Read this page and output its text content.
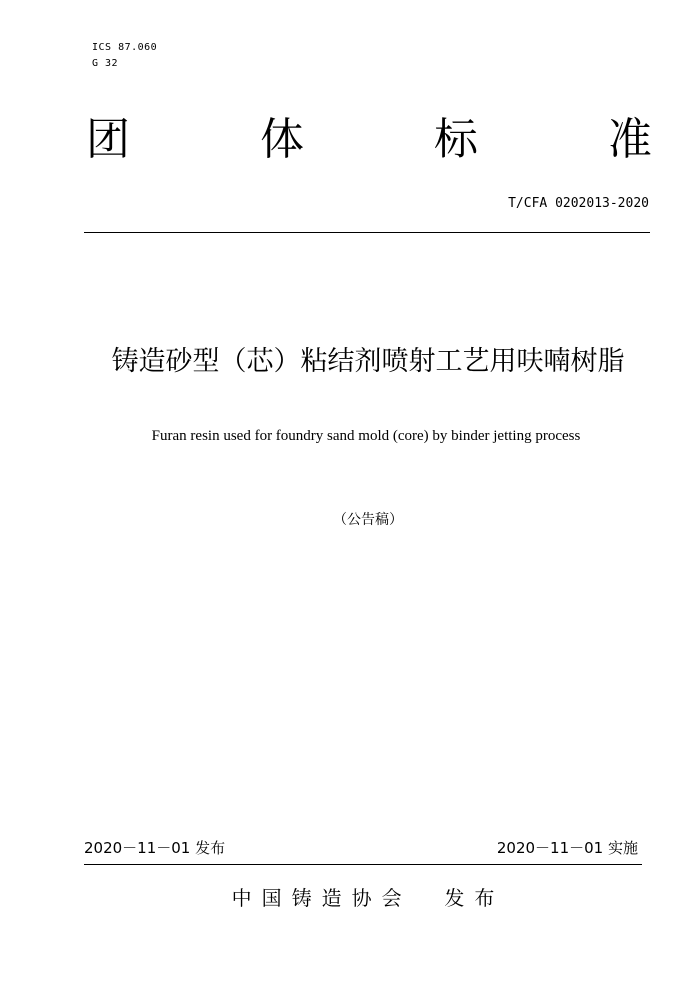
ICS 87.060
G 32
团	体	标	准
T/CFA 0202013-2020
铸造砂型（芯）粘结剂喷射工艺用呋喃树脂
Furan resin used for foundry sand mold (core) by binder jetting process
（公告稿）
2020－11－01 发布	2020－11－01 实施
中国铸造协会  发布
